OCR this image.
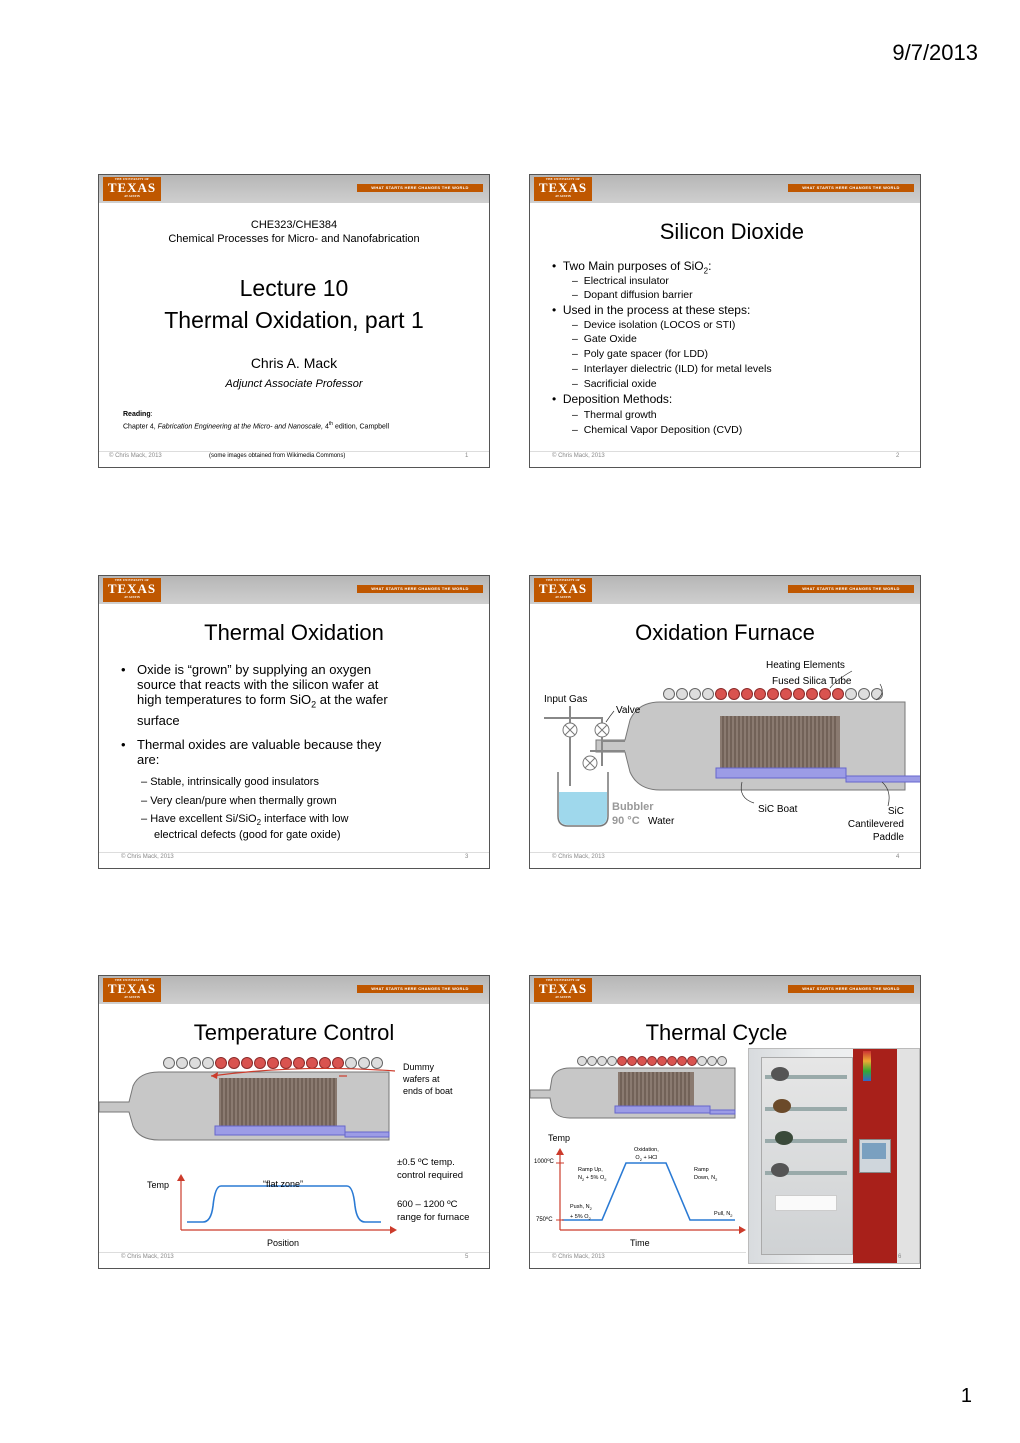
9/7/2013
THE UNIVERSITY OF
TEXAS
AT AUSTIN
WHAT STARTS HERE CHANGES THE WORLD
CHE323/CHE384
Chemical Processes for Micro- and Nanofabrication
Lecture 10
Thermal Oxidation, part 1
Chris A. Mack
Adjunct Associate Professor
Reading:
Chapter 4, Fabrication Engineering at the Micro- and Nanoscale, 4th edition, Campbell
© Chris Mack, 2013	(some images obtained from Wikimedia Commons)	1
THE UNIVERSITY OF
TEXAS
AT AUSTIN
WHAT STARTS HERE CHANGES THE WORLD
Silicon Dioxide
•  Two Main purposes of SiO$_2$:
–  Electrical insulator
–  Dopant diffusion barrier
•  Used in the process at these steps:
–  Device isolation (LOCOS or STI)
–  Gate Oxide
–  Poly gate spacer (for LDD)
–  Interlayer dielectric (ILD) for metal levels
–  Sacrificial oxide
•  Deposition Methods:
–  Thermal growth
–  Chemical Vapor Deposition (CVD)
© Chris Mack, 2013	2
THE UNIVERSITY OF
TEXAS
AT AUSTIN
WHAT STARTS HERE CHANGES THE WORLD
Thermal Oxidation
• Oxide is “grown” by supplying an oxygen
source that reacts with the silicon wafer at
high temperatures to form SiO$_2$ at the wafer
surface
• Thermal oxides are valuable because they
are:
– Stable, intrinsically good insulators
– Very clean/pure when thermally grown
– Have excellent Si/SiO$_2$ interface with low
electrical defects (good for gate oxide)
© Chris Mack, 2013	3
THE UNIVERSITY OF
TEXAS
AT AUSTIN
WHAT STARTS HERE CHANGES THE WORLD
Oxidation Furnace
Heating Elements
Fused Silica Tube
Input Gas
Valve
Bubbler
90 °C Water
SiC Boat	SiC
Cantilevered
Paddle
© Chris Mack, 2013	4
THE UNIVERSITY OF
TEXAS
AT AUSTIN
WHAT STARTS HERE CHANGES THE WORLD
Temperature Control
Dummy
wafers at
ends of boat
±0.5 ºC temp.
control required
600 – 1200 ºC
range for furnace
Temp	“flat zone”
Position
© Chris Mack, 2013	5
THE UNIVERSITY OF
TEXAS
AT AUSTIN
WHAT STARTS HERE CHANGES THE WORLD
Thermal Cycle
Temp
Time
1000ºC
750ºC
Oxidation,
$O_2$ + HCl
Ramp Up,
$N_2 + 5\%$ $O_2$
Ramp
Down, $N_2$
Push, $N_2$
+ 5% $O_2$
Pull, $N_2$
© Chris Mack, 2013	6
1
